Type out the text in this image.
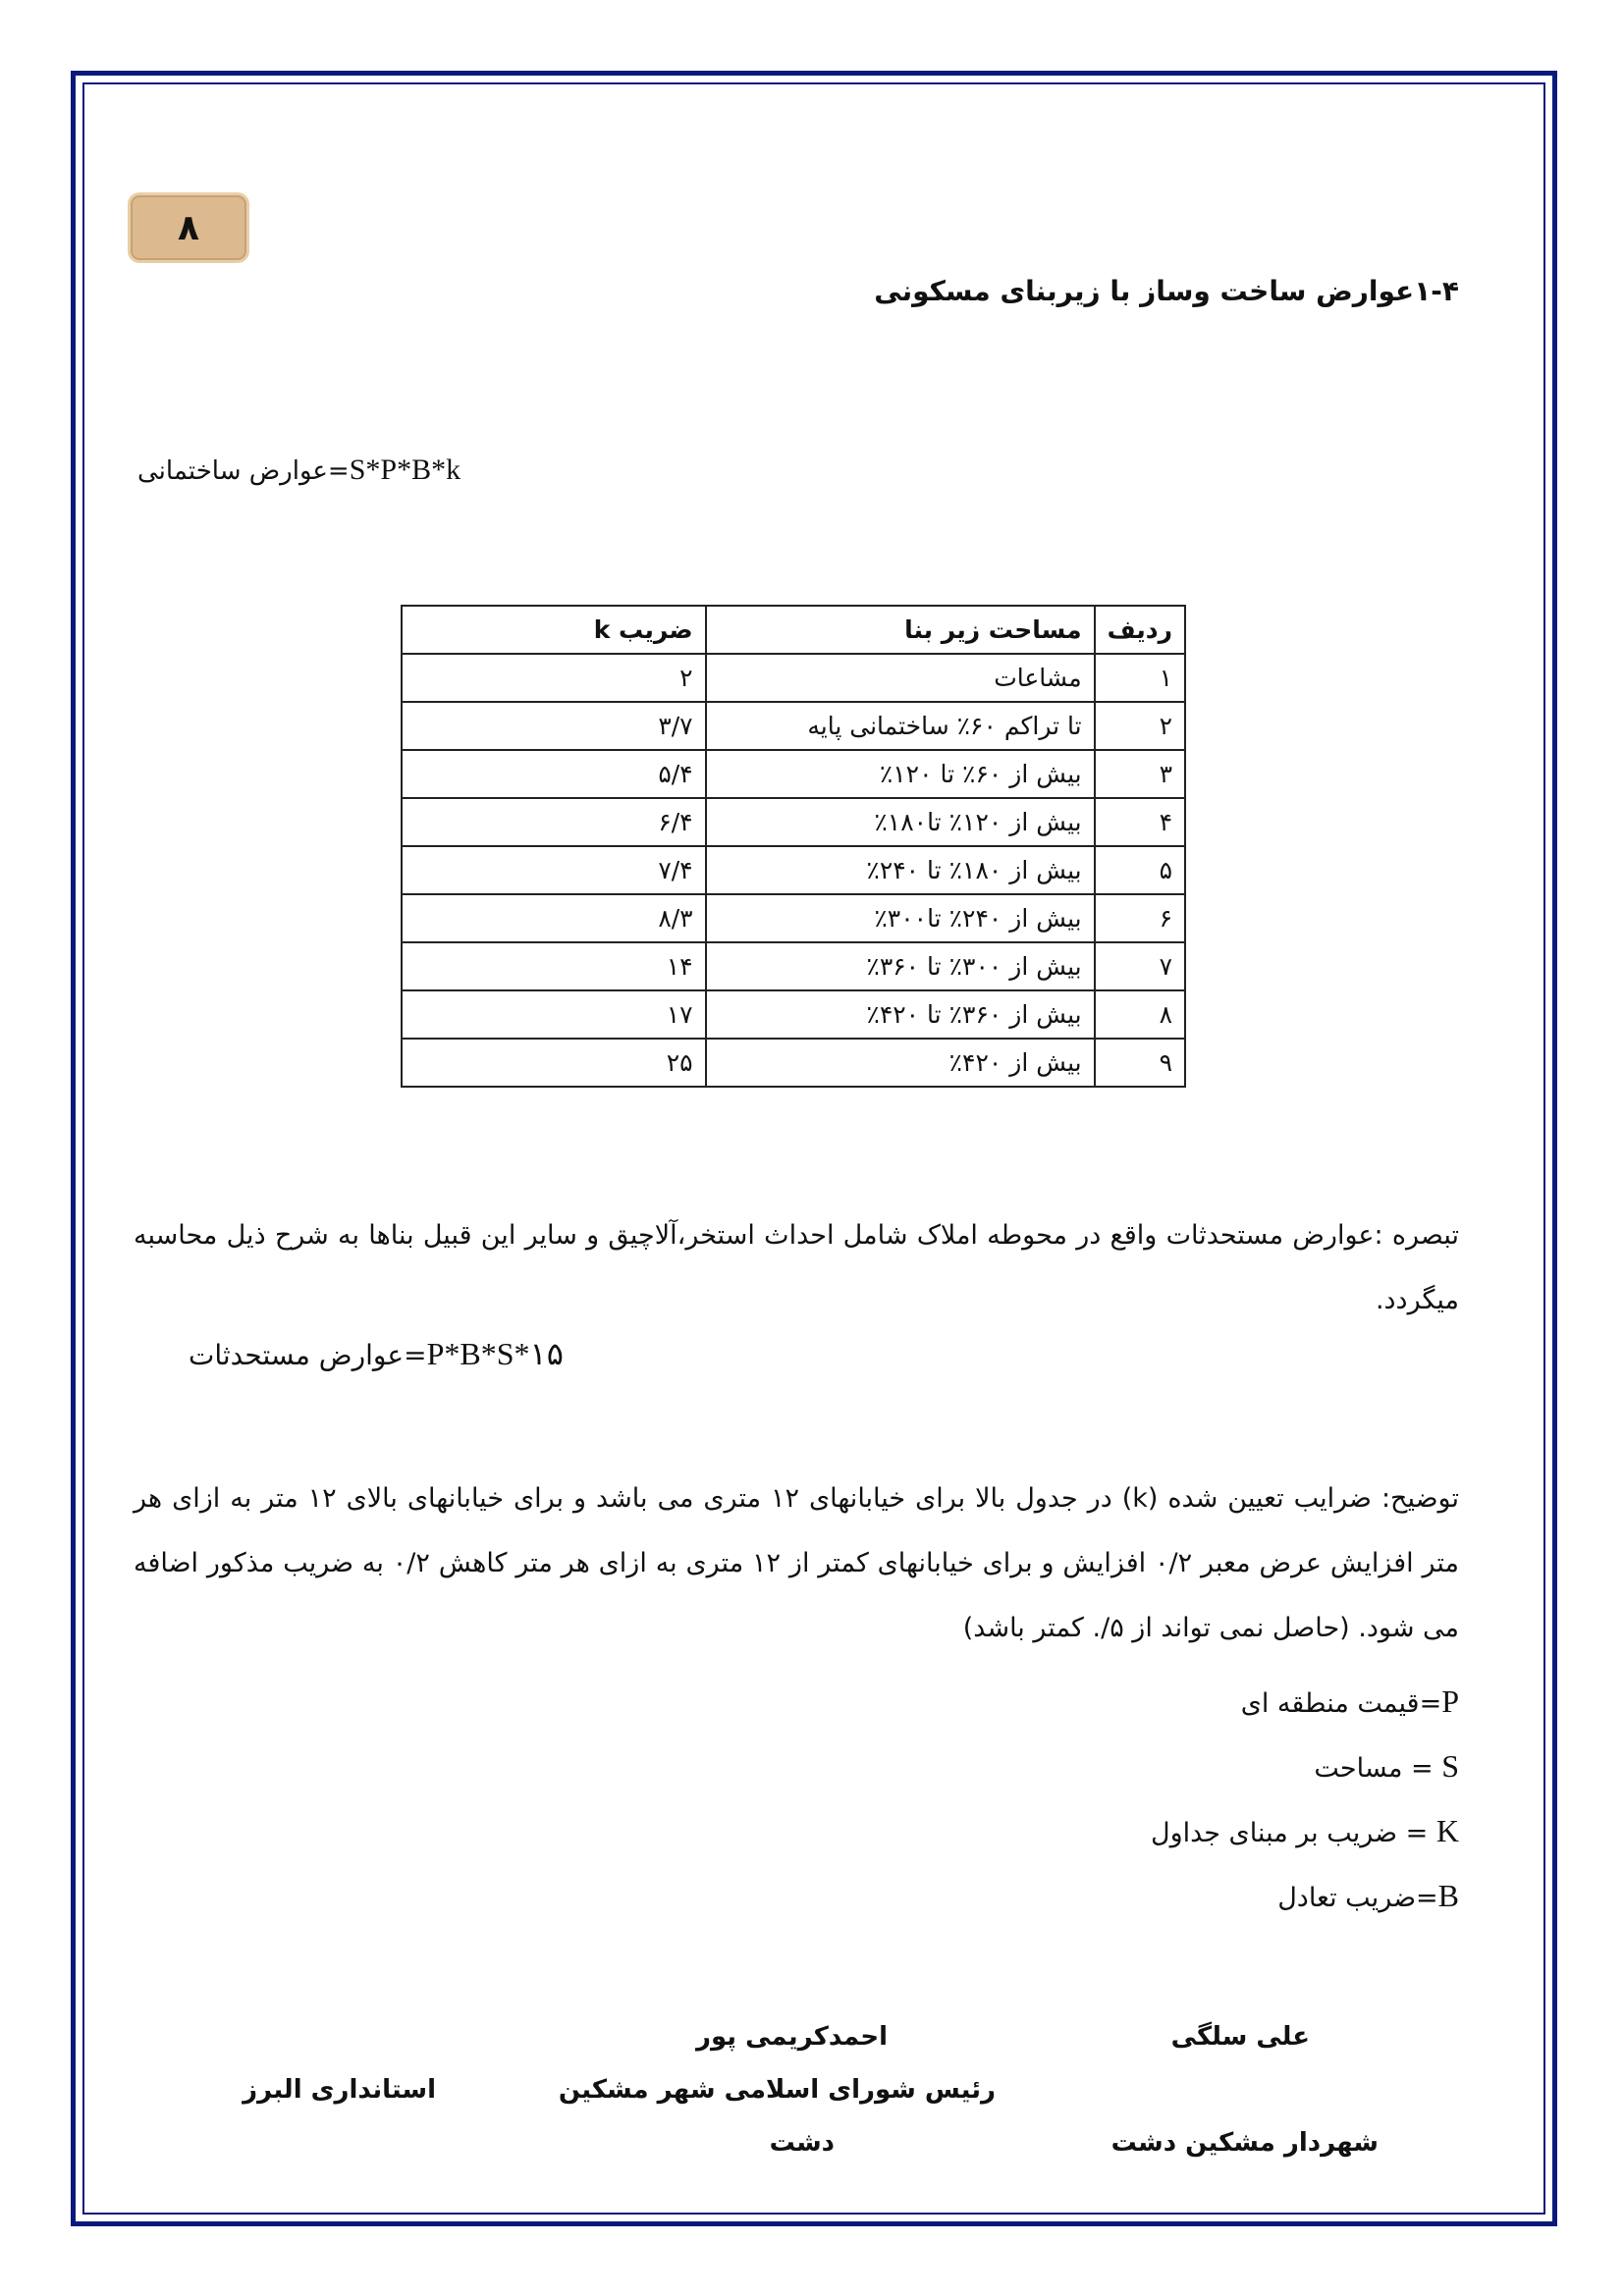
۸
۱-۴عوارض ساخت وساز با زیربنای مسکونی
S*P*B*k=عوارض ساختمانی
ردیف	مساحت زیر بنا	ضریب k
۱	مشاعات	۲
۲	تا تراکم ۶۰٪ ساختمانی پایه	۳/۷
۳	بیش از ۶۰٪ تا ۱۲۰٪	۵/۴
۴	بیش از ۱۲۰٪ تا۱۸۰٪	۶/۴
۵	بیش از ۱۸۰٪ تا ۲۴۰٪	۷/۴
۶	بیش از ۲۴۰٪ تا۳۰۰٪	۸/۳
۷	بیش از ۳۰۰٪ تا ۳۶۰٪	۱۴
۸	بیش از ۳۶۰٪ تا ۴۲۰٪	۱۷
۹	بیش از ۴۲۰٪	۲۵
تبصره :عوارض مستحدثات واقع در محوطه املاک شامل احداث استخر،آلاچیق و سایر این قبیل بناها به شرح ذیل محاسبه میگردد.
۱۵*P*B*S=عوارض مستحدثات
توضیح: ضرایب تعیین شده (k) در جدول بالا برای خیابانهای ۱۲ متری می باشد و برای خیابانهای بالای ۱۲ متر به ازای هر متر افزایش عرض معبر ۰/۲ افزایش و برای خیابانهای کمتر از ۱۲ متری به ازای هر متر کاهش ۰/۲ به ضریب مذکور اضافه می شود. (حاصل نمی تواند از ۵/. کمتر باشد)
P=قیمت منطقه ای
S = مساحت
K = ضریب بر مبنای جداول
B=ضریب تعادل
علی سلگی
شهردار مشکین دشت
احمدکریمی پور
رئیس شورای اسلامی شهر مشکین
دشت
استانداری البرز
